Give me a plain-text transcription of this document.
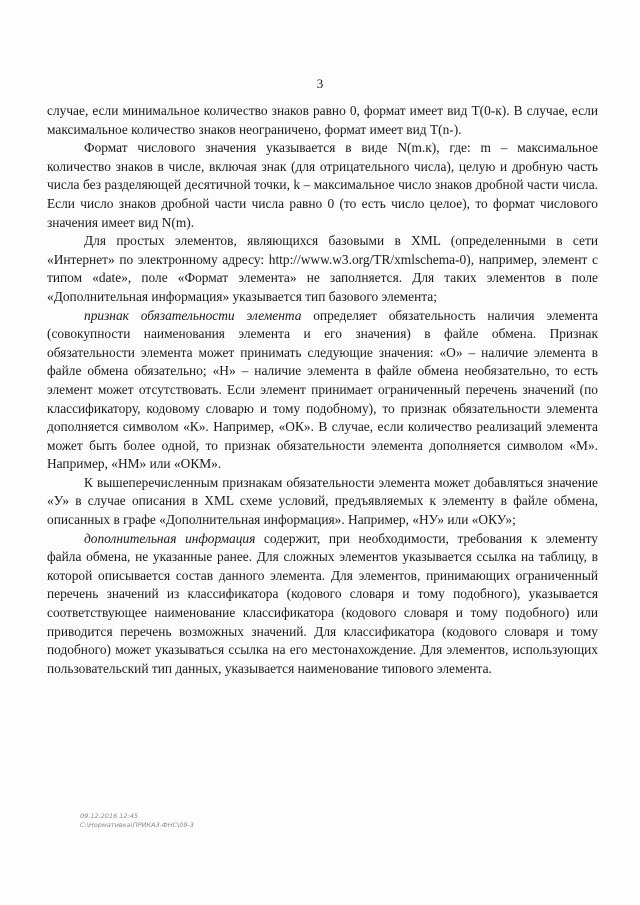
3

случае, если минимальное количество знаков равно 0, формат имеет вид T(0-к). В случае, если максимальное количество знаков неограничено, формат имеет вид T(n-).

Формат числового значения указывается в виде N(m.к), где: m – максимальное количество знаков в числе, включая знак (для отрицательного числа), целую и дробную часть числа без разделяющей десятичной точки, k – максимальное число знаков дробной части числа. Если число знаков дробной части числа равно 0 (то есть число целое), то формат числового значения имеет вид N(m).

Для простых элементов, являющихся базовыми в XML (определенными в сети «Интернет» по электронному адресу: http://www.w3.org/TR/xmlschema-0), например, элемент с типом «date», поле «Формат элемента» не заполняется. Для таких элементов в поле «Дополнительная информация» указывается тип базового элемента;

признак обязательности элемента определяет обязательность наличия элемента (совокупности наименования элемента и его значения) в файле обмена. Признак обязательности элемента может принимать следующие значения: «О» – наличие элемента в файле обмена обязательно; «Н» – наличие элемента в файле обмена необязательно, то есть элемент может отсутствовать. Если элемент принимает ограниченный перечень значений (по классификатору, кодовому словарю и тому подобному), то признак обязательности элемента дополняется символом «К». Например, «ОК». В случае, если количество реализаций элемента может быть более одной, то признак обязательности элемента дополняется символом «М». Например, «НМ» или «ОКМ».

К вышеперечисленным признакам обязательности элемента может добавляться значение «У» в случае описания в XML схеме условий, предъявляемых к элементу в файле обмена, описанных в графе «Дополнительная информация». Например, «НУ» или «ОКУ»;

дополнительная информация содержит, при необходимости, требования к элементу файла обмена, не указанные ранее. Для сложных элементов указывается ссылка на таблицу, в которой описывается состав данного элемента. Для элементов, принимающих ограниченный перечень значений из классификатора (кодового словаря и тому подобного), указывается соответствующее наименование классификатора (кодового словаря и тому подобного) или приводится перечень возможных значений. Для классификатора (кодового словаря и тому подобного) может указываться ссылка на его местонахождение. Для элементов, использующих пользовательский тип данных, указывается наименование типового элемента.

09.12.2016 12:45
С:\Нормативка\ПРИКАЗ-ФНС\09-3
